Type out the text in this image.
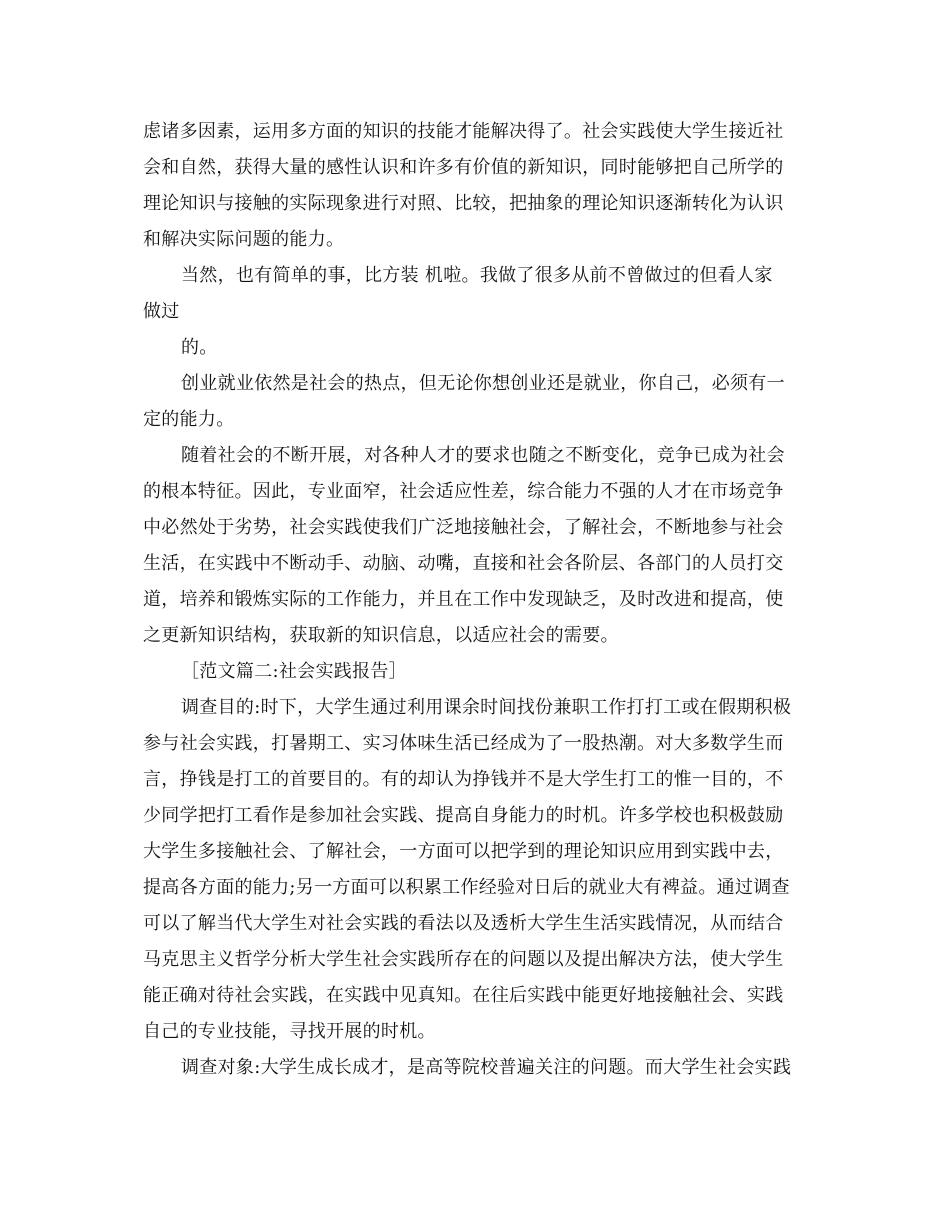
虑诸多因素，运用多方面的知识的技能才能解决得了。社会实践使大学生接近社
会和自然，获得大量的感性认识和许多有价值的新知识，同时能够把自己所学的
理论知识与接触的实际现象进行对照、比较，把抽象的理论知识逐渐转化为认识
和解决实际问题的能力。
当然，也有简单的事，比方装 机啦。我做了很多从前不曾做过的但看人家
做过
的。
创业就业依然是社会的热点，但无论你想创业还是就业，你自己，必须有一
定的能力。
随着社会的不断开展，对各种人才的要求也随之不断变化，竞争已成为社会
的根本特征。因此，专业面窄，社会适应性差，综合能力不强的人才在市场竞争
中必然处于劣势，社会实践使我们广泛地接触社会，了解社会，不断地参与社会
生活，在实践中不断动手、动脑、动嘴，直接和社会各阶层、各部门的人员打交
道，培养和锻炼实际的工作能力，并且在工作中发现缺乏，及时改进和提高，使
之更新知识结构，获取新的知识信息，以适应社会的需要。
［范文篇二:社会实践报告］
调查目的:时下，大学生通过利用课余时间找份兼职工作打打工或在假期积极
参与社会实践，打暑期工、实习体味生活已经成为了一股热潮。对大多数学生而
言，挣钱是打工的首要目的。有的却认为挣钱并不是大学生打工的惟一目的，不
少同学把打工看作是参加社会实践、提高自身能力的时机。许多学校也积极鼓励
大学生多接触社会、了解社会，一方面可以把学到的理论知识应用到实践中去，
提高各方面的能力;另一方面可以积累工作经验对日后的就业大有裨益。通过调查
可以了解当代大学生对社会实践的看法以及透析大学生生活实践情况，从而结合
马克思主义哲学分析大学生社会实践所存在的问题以及提出解决方法，使大学生
能正确对待社会实践，在实践中见真知。在往后实践中能更好地接触社会、实践
自己的专业技能，寻找开展的时机。
调查对象:大学生成长成才，是高等院校普遍关注的问题。而大学生社会实践
